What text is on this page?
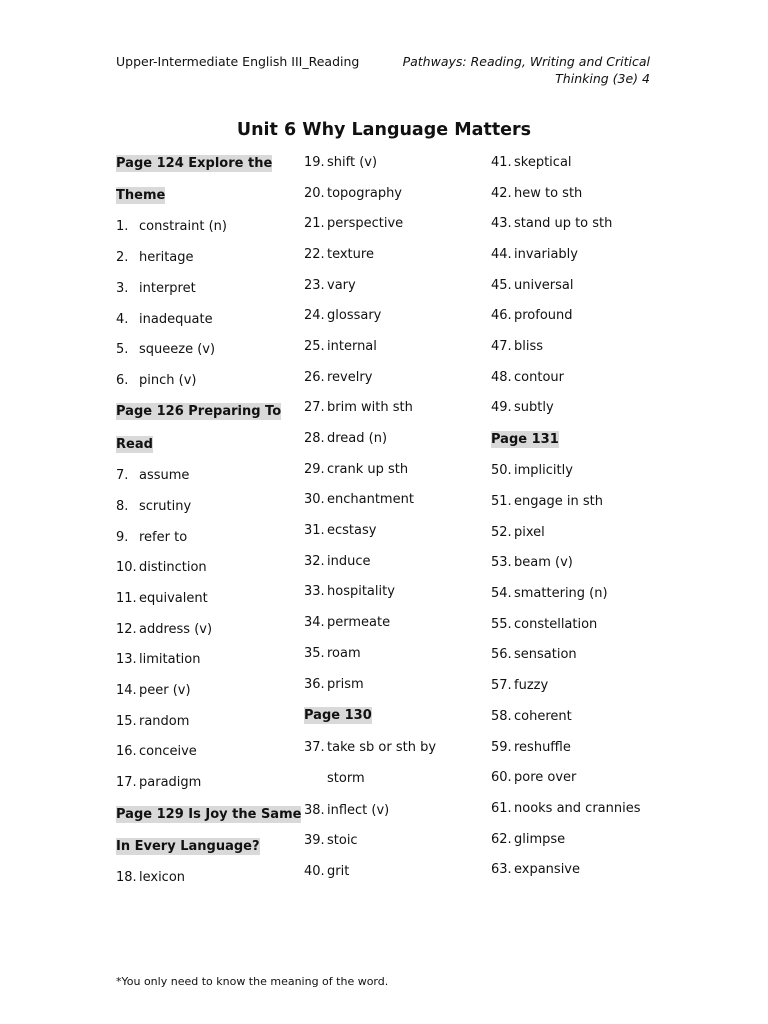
Upper-Intermediate English III_Reading	Pathways: Reading, Writing and Critical
Thinking (3e) 4
Unit 6 Why Language Matters
Page 124 Explore the
Theme
1. constraint (n)
2. heritage
3. interpret
4. inadequate
5. squeeze (v)
6. pinch (v)
Page 126 Preparing To
Read
7. assume
8. scrutiny
9. refer to
10. distinction
11. equivalent
12. address (v)
13. limitation
14. peer (v)
15. random
16. conceive
17. paradigm
Page 129 Is Joy the Same
In Every Language?
18. lexicon
19. shift (v)
20. topography
21. perspective
22. texture
23. vary
24. glossary
25. internal
26. revelry
27. brim with sth
28. dread (n)
29. crank up sth
30. enchantment
31. ecstasy
32. induce
33. hospitality
34. permeate
35. roam
36. prism
Page 130
37. take sb or sth by
storm
38. inflect (v)
39. stoic
40. grit
41. skeptical
42. hew to sth
43. stand up to sth
44. invariably
45. universal
46. profound
47. bliss
48. contour
49. subtly
Page 131
50. implicitly
51. engage in sth
52. pixel
53. beam (v)
54. smattering (n)
55. constellation
56. sensation
57. fuzzy
58. coherent
59. reshuffle
60. pore over
61. nooks and crannies
62. glimpse
63. expansive
*You only need to know the meaning of the word.
